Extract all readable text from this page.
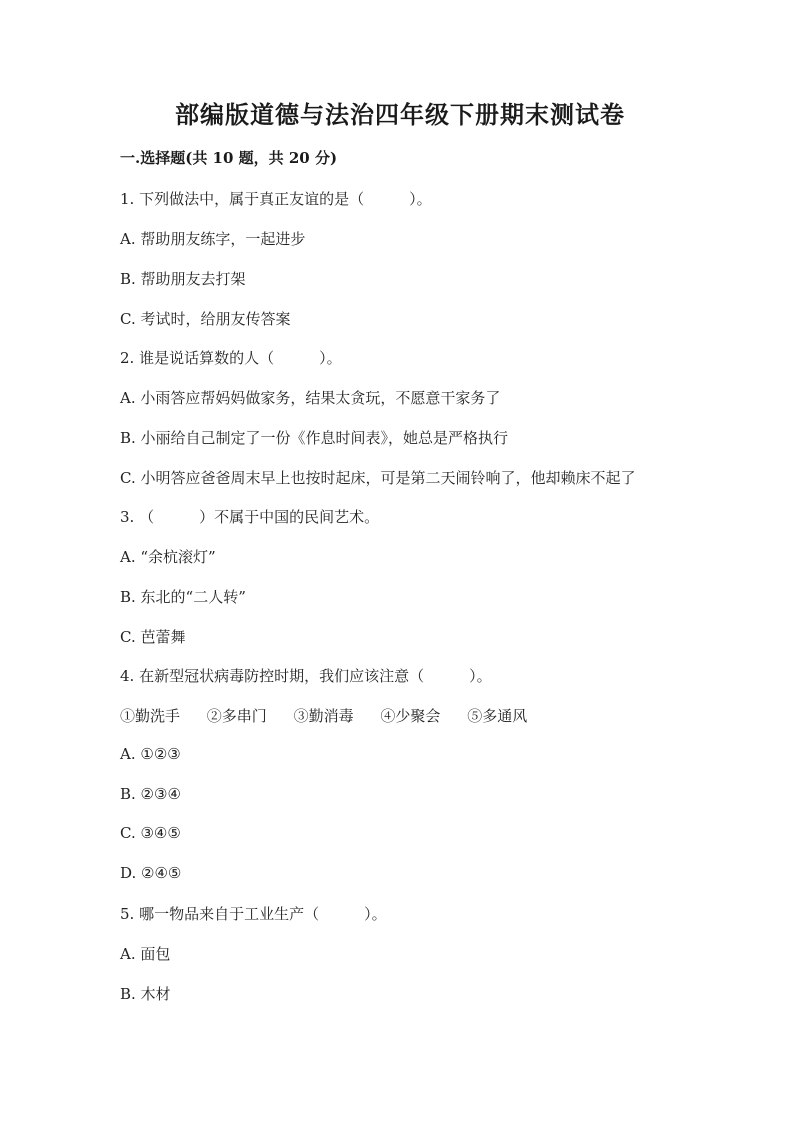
部编版道德与法治四年级下册期末测试卷
一.选择题(共 10 题，共 20 分)
1. 下列做法中，属于真正友谊的是（　　　）。
A. 帮助朋友练字，一起进步
B. 帮助朋友去打架
C. 考试时，给朋友传答案
2. 谁是说话算数的人（　　　）。
A. 小雨答应帮妈妈做家务，结果太贪玩，不愿意干家务了
B. 小丽给自己制定了一份《作息时间表》，她总是严格执行
C. 小明答应爸爸周末早上也按时起床，可是第二天闹铃响了，他却赖床不起了
3. （　　　）不属于中国的民间艺术。
A. “余杭滚灯”
B. 东北的“二人转”
C. 芭蕾舞
4. 在新型冠状病毒防控时期，我们应该注意（　　　）。
①勤洗手 ②多串门 ③勤消毒 ④少聚会 ⑤多通风
A. ①②③
B. ②③④
C. ③④⑤
D. ②④⑤
5. 哪一物品来自于工业生产（　　　）。
A. 面包
B. 木材
